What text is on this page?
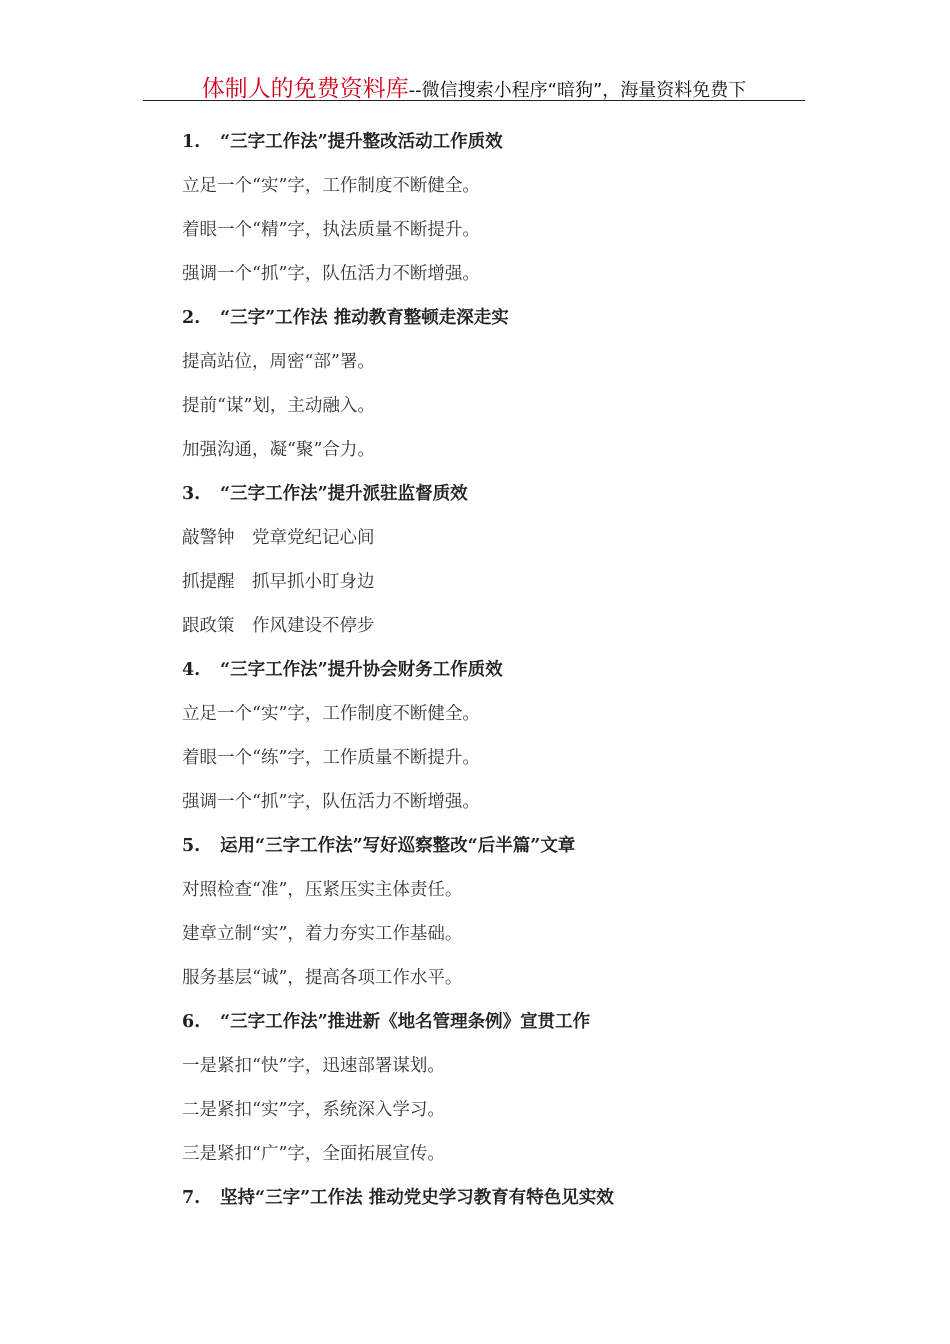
体制人的免费资料库--微信搜索小程序“暗狗”，海量资料免费下
1. “三字工作法”提升整改活动工作质效
立足一个“实”字，工作制度不断健全。
着眼一个“精”字，执法质量不断提升。
强调一个“抓”字，队伍活力不断增强。
2. “三字”工作法 推动教育整顿走深走实
提高站位，周密“部”署。
提前“谋”划，主动融入。
加强沟通，凝“聚”合力。
3. “三字工作法”提升派驻监督质效
敲警钟　党章党纪记心间
抓提醒　抓早抓小盯身边
跟政策　作风建设不停步
4. “三字工作法”提升协会财务工作质效
立足一个“实”字，工作制度不断健全。
着眼一个“练”字，工作质量不断提升。
强调一个“抓”字，队伍活力不断增强。
5. 运用“三字工作法”写好巡察整改“后半篇”文章
对照检查“准”，压紧压实主体责任。
建章立制“实”，着力夯实工作基础。
服务基层“诚”，提高各项工作水平。
6. “三字工作法”推进新《地名管理条例》宣贯工作
一是紧扣“快”字，迅速部署谋划。
二是紧扣“实”字，系统深入学习。
三是紧扣“广”字，全面拓展宣传。
7. 坚持“三字”工作法 推动党史学习教育有特色见实效
